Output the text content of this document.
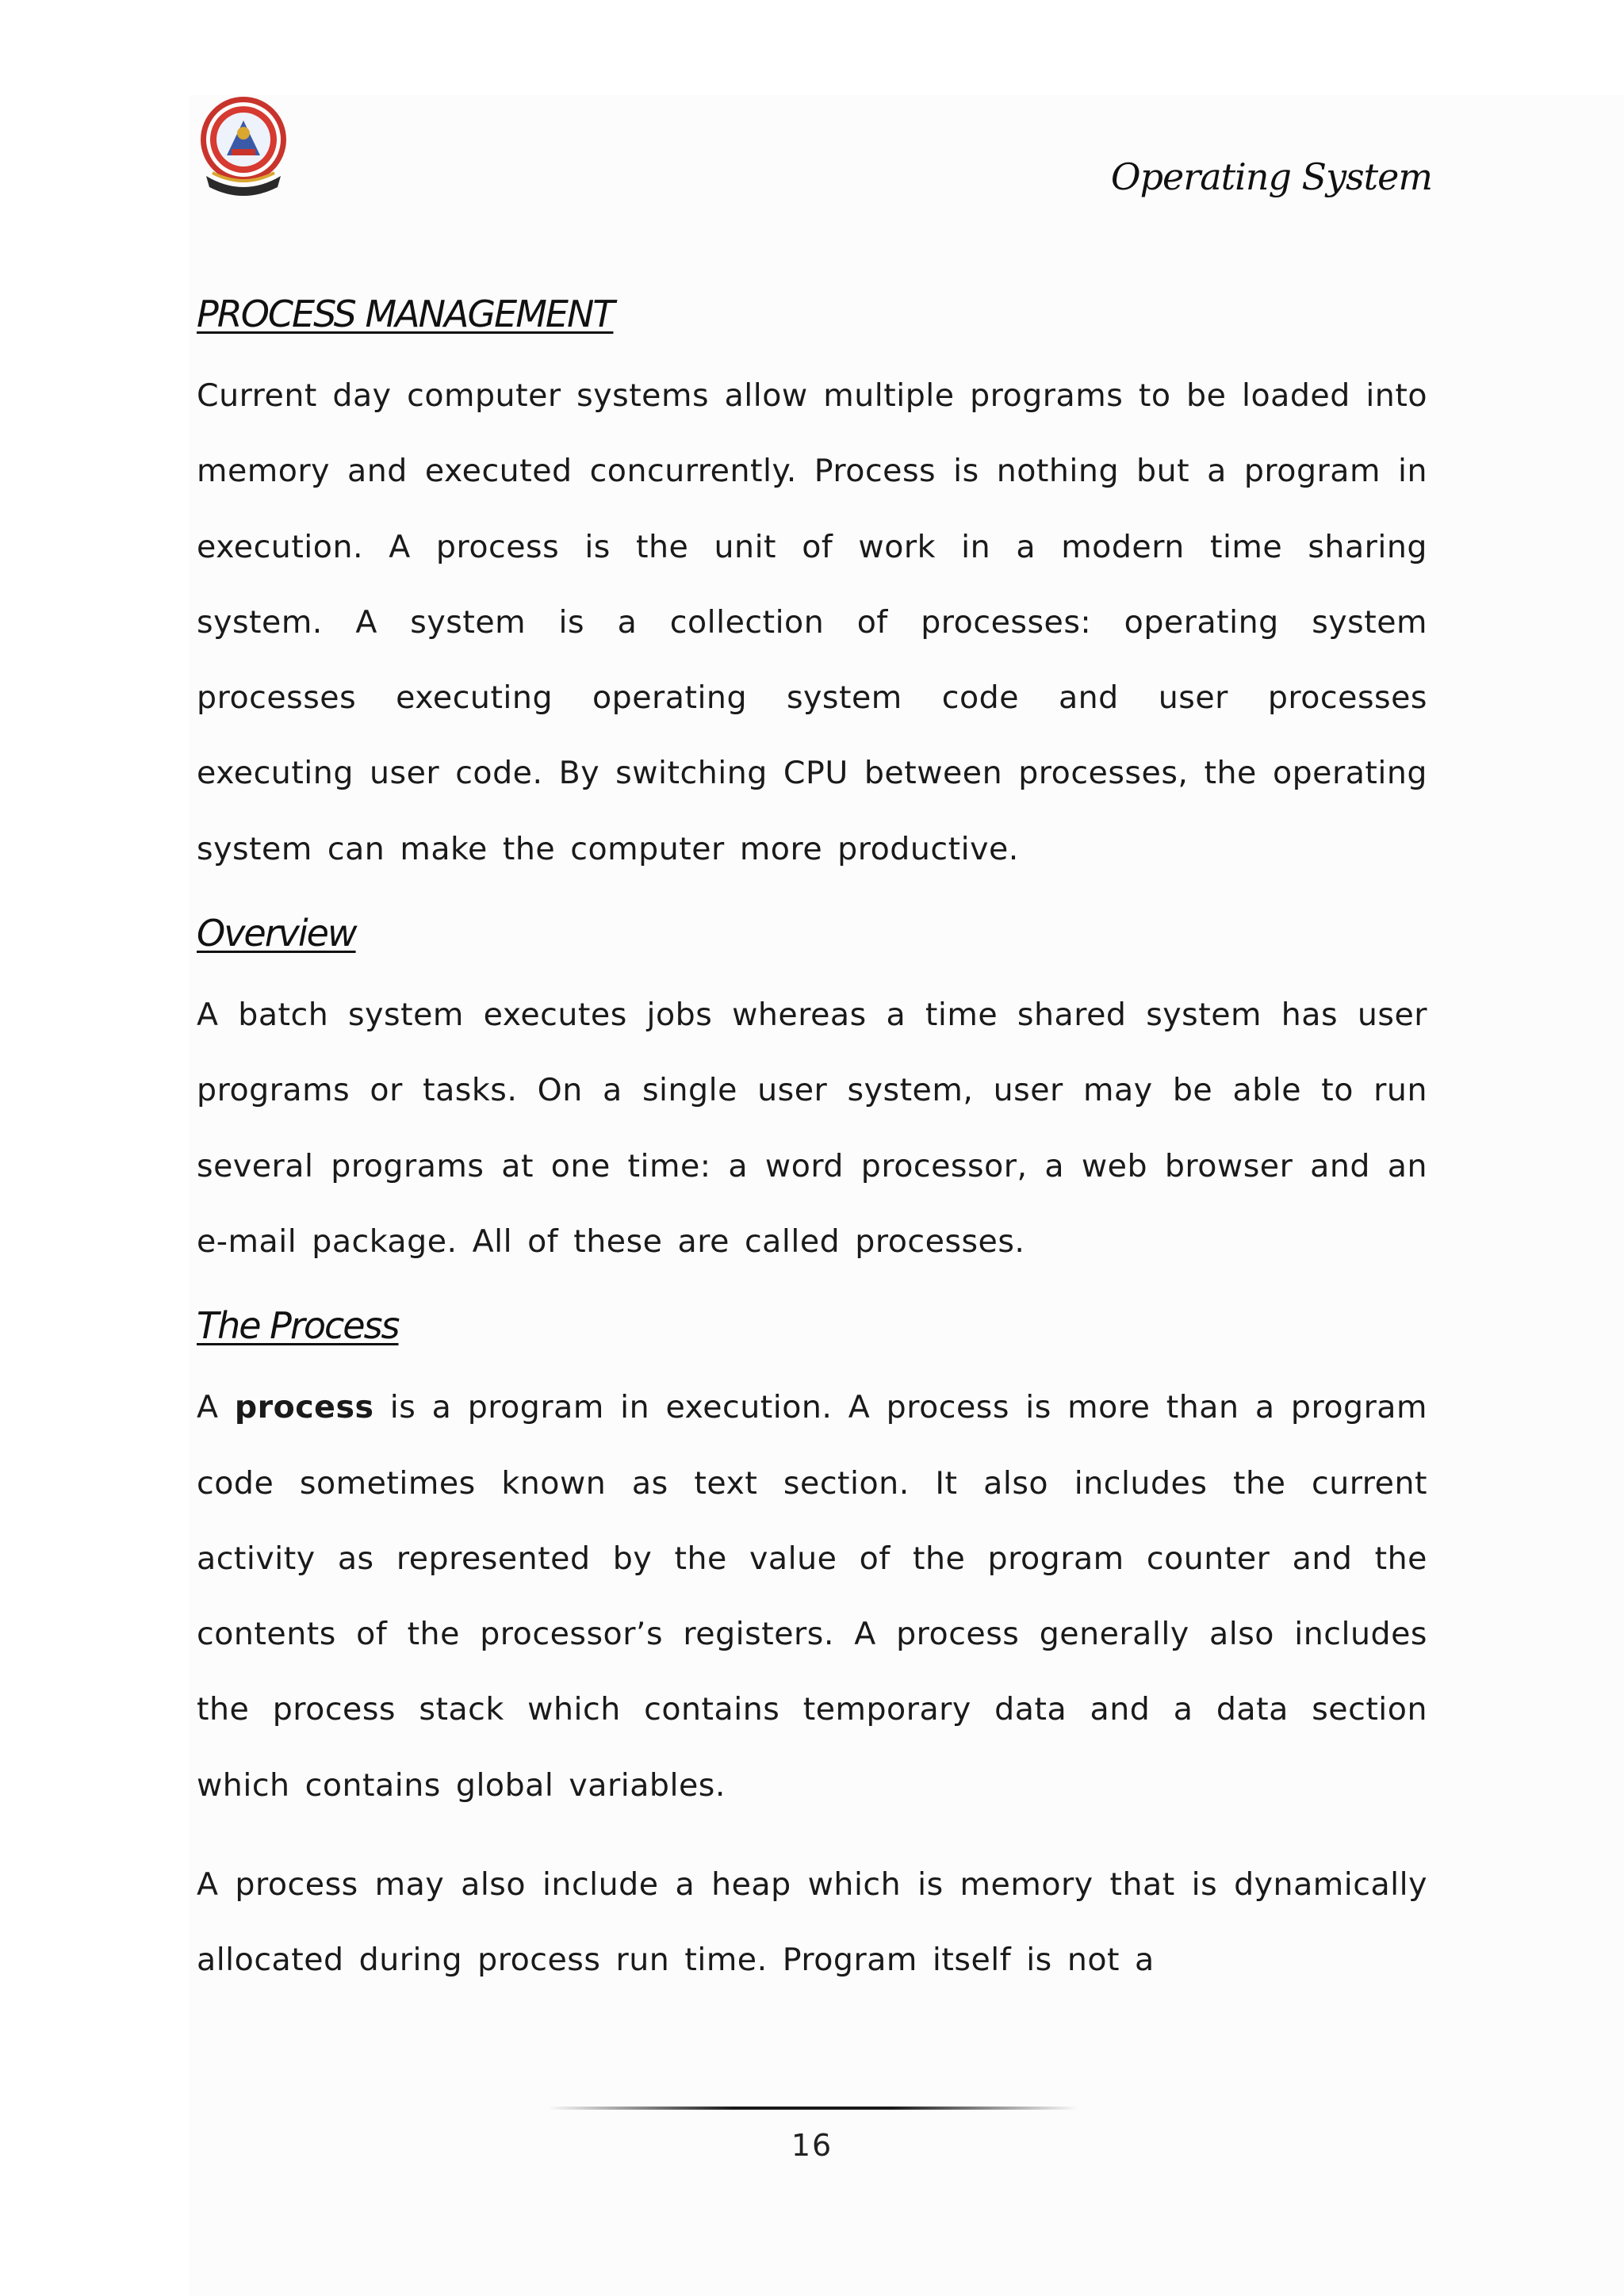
Operating System
PROCESS MANAGEMENT

Current day computer systems allow multiple programs to be loaded into memory and executed concurrently. Process is nothing but a program in execution. A process is the unit of work in a modern time sharing system. A system is a collection of processes: operating system processes executing operating system code and user processes executing user code. By switching CPU between processes, the operating system can make the computer more productive.

Overview

A batch system executes jobs whereas a time shared system has user programs or tasks. On a single user system, user may be able to run several programs at one time: a word processor, a web browser and an e-mail package. All of these are called processes.

The Process

A process is a program in execution. A process is more than a program code sometimes known as text section. It also includes the current activity as represented by the value of the program counter and the contents of the processor’s registers. A process generally also includes the process stack which contains temporary data and a data section which contains global variables.

A process may also include a heap which is memory that is dynamically allocated during process run time. Program itself is not a

16
